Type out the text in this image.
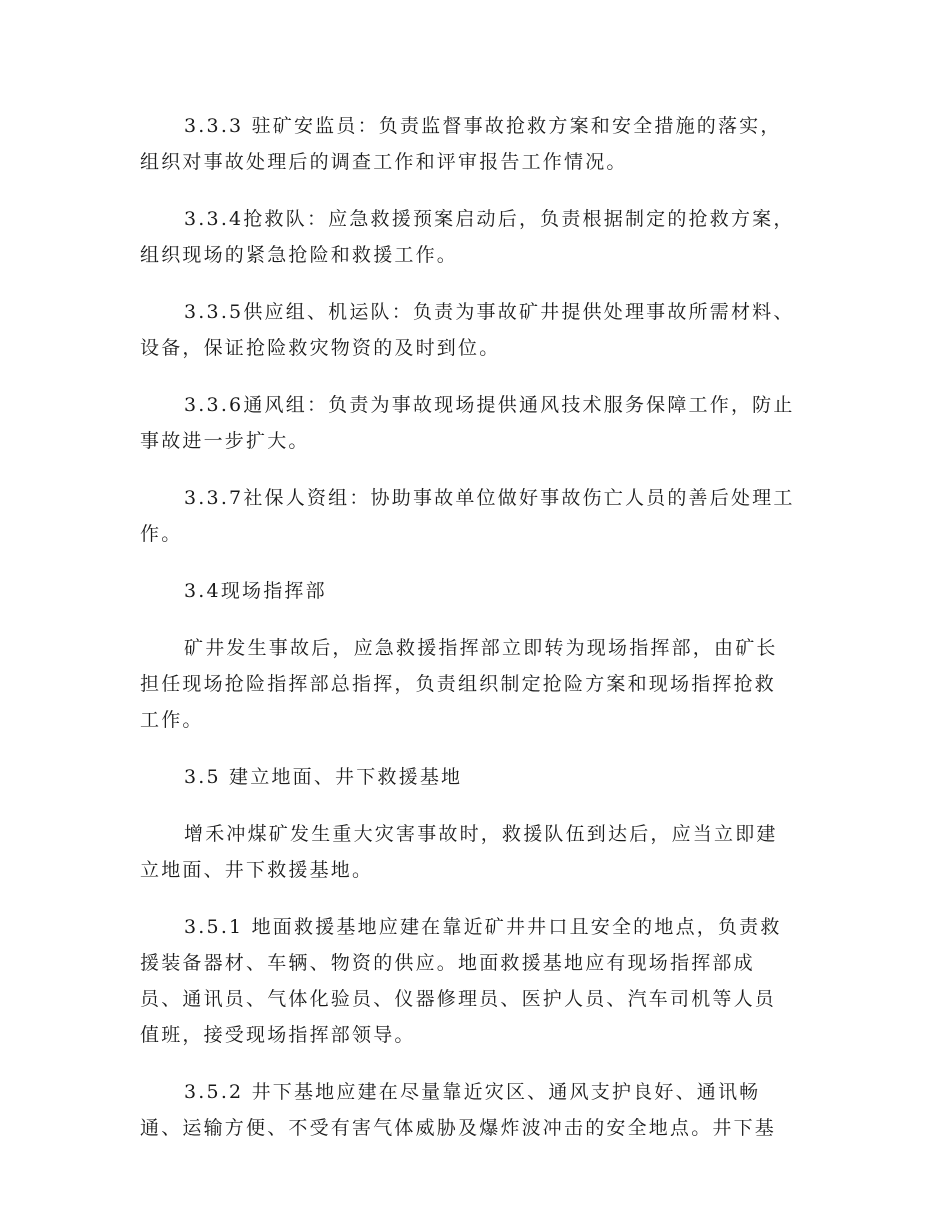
3.3.3 驻矿安监员：负责监督事故抢救方案和安全措施的落实，
组织对事故处理后的调查工作和评审报告工作情况。

3.3.4抢救队：应急救援预案启动后，负责根据制定的抢救方案，
组织现场的紧急抢险和救援工作。

3.3.5供应组、机运队：负责为事故矿井提供处理事故所需材料、
设备，保证抢险救灾物资的及时到位。

3.3.6通风组：负责为事故现场提供通风技术服务保障工作，防止
事故进一步扩大。

3.3.7社保人资组：协助事故单位做好事故伤亡人员的善后处理工
作。

3.4现场指挥部

矿井发生事故后，应急救援指挥部立即转为现场指挥部，由矿长
担任现场抢险指挥部总指挥，负责组织制定抢险方案和现场指挥抢救
工作。

3.5 建立地面、井下救援基地

增禾冲煤矿发生重大灾害事故时，救援队伍到达后，应当立即建
立地面、井下救援基地。

3.5.1 地面救援基地应建在靠近矿井井口且安全的地点，负责救
援装备器材、车辆、物资的供应。地面救援基地应有现场指挥部成
员、通讯员、气体化验员、仪器修理员、医护人员、汽车司机等人员
值班，接受现场指挥部领导。

3.5.2 井下基地应建在尽量靠近灾区、通风支护良好、通讯畅
通、运输方便、不受有害气体威胁及爆炸波冲击的安全地点。井下基
